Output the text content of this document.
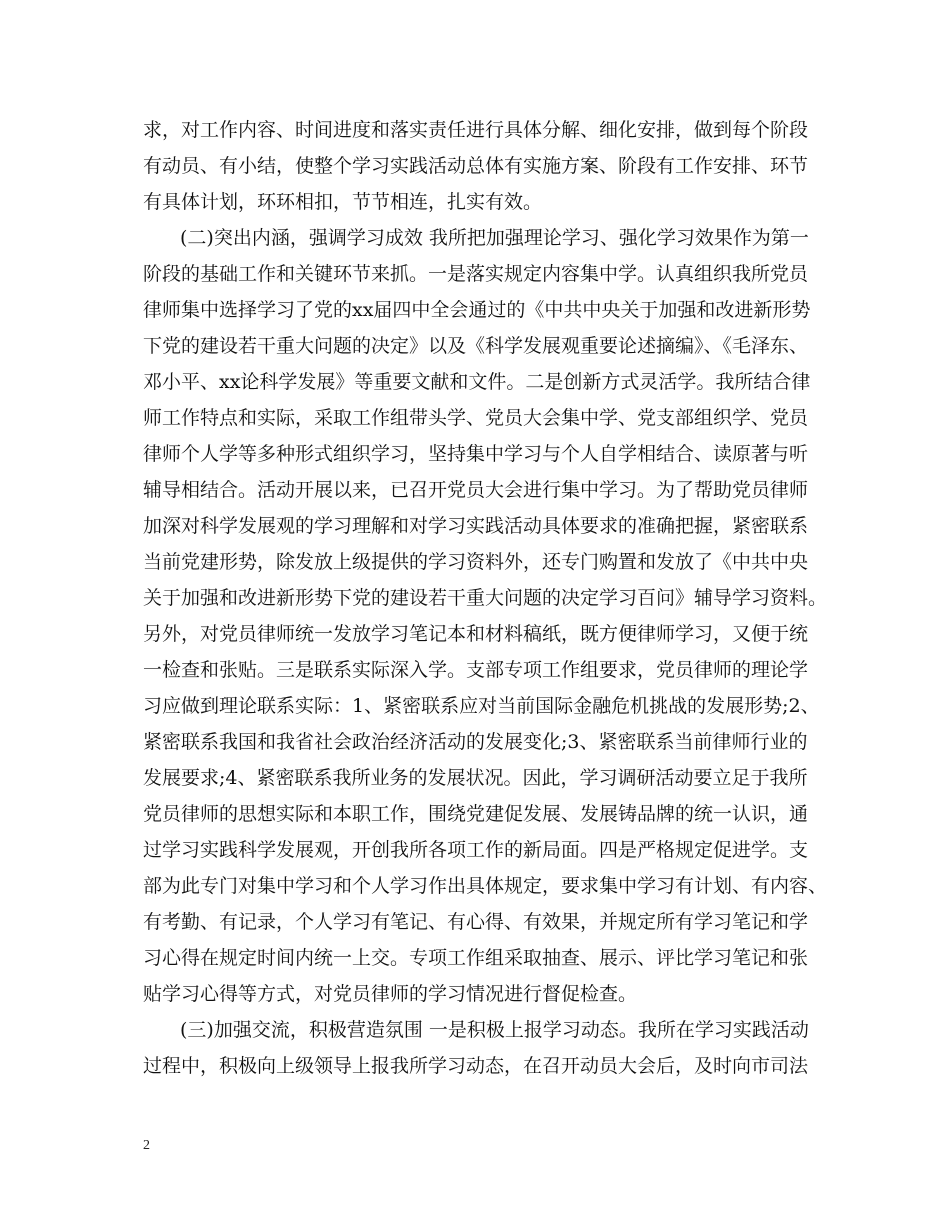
求，对工作内容、时间进度和落实责任进行具体分解、细化安排，做到每个阶段
有动员、有小结，使整个学习实践活动总体有实施方案、阶段有工作安排、环节
有具体计划，环环相扣，节节相连，扎实有效。
(二)突出内涵，强调学习成效 我所把加强理论学习、强化学习效果作为第一
阶段的基础工作和关键环节来抓。一是落实规定内容集中学。认真组织我所党员
律师集中选择学习了党的xx届四中全会通过的《中共中央关于加强和改进新形势
下党的建设若干重大问题的决定》以及《科学发展观重要论述摘编》、《毛泽东、
邓小平、xx论科学发展》等重要文献和文件。二是创新方式灵活学。我所结合律
师工作特点和实际，采取工作组带头学、党员大会集中学、党支部组织学、党员
律师个人学等多种形式组织学习，坚持集中学习与个人自学相结合、读原著与听
辅导相结合。活动开展以来，已召开党员大会进行集中学习。为了帮助党员律师
加深对科学发展观的学习理解和对学习实践活动具体要求的准确把握，紧密联系
当前党建形势，除发放上级提供的学习资料外，还专门购置和发放了《中共中央
关于加强和改进新形势下党的建设若干重大问题的决定学习百问》辅导学习资料。
另外，对党员律师统一发放学习笔记本和材料稿纸，既方便律师学习，又便于统
一检查和张贴。三是联系实际深入学。支部专项工作组要求，党员律师的理论学
习应做到理论联系实际：1、紧密联系应对当前国际金融危机挑战的发展形势;2、
紧密联系我国和我省社会政治经济活动的发展变化;3、紧密联系当前律师行业的
发展要求;4、紧密联系我所业务的发展状况。因此，学习调研活动要立足于我所
党员律师的思想实际和本职工作，围绕党建促发展、发展铸品牌的统一认识，通
过学习实践科学发展观，开创我所各项工作的新局面。四是严格规定促进学。支
部为此专门对集中学习和个人学习作出具体规定，要求集中学习有计划、有内容、
有考勤、有记录，个人学习有笔记、有心得、有效果，并规定所有学习笔记和学
习心得在规定时间内统一上交。专项工作组采取抽查、展示、评比学习笔记和张
贴学习心得等方式，对党员律师的学习情况进行督促检查。
(三)加强交流，积极营造氛围 一是积极上报学习动态。我所在学习实践活动
过程中，积极向上级领导上报我所学习动态，在召开动员大会后，及时向市司法
2
